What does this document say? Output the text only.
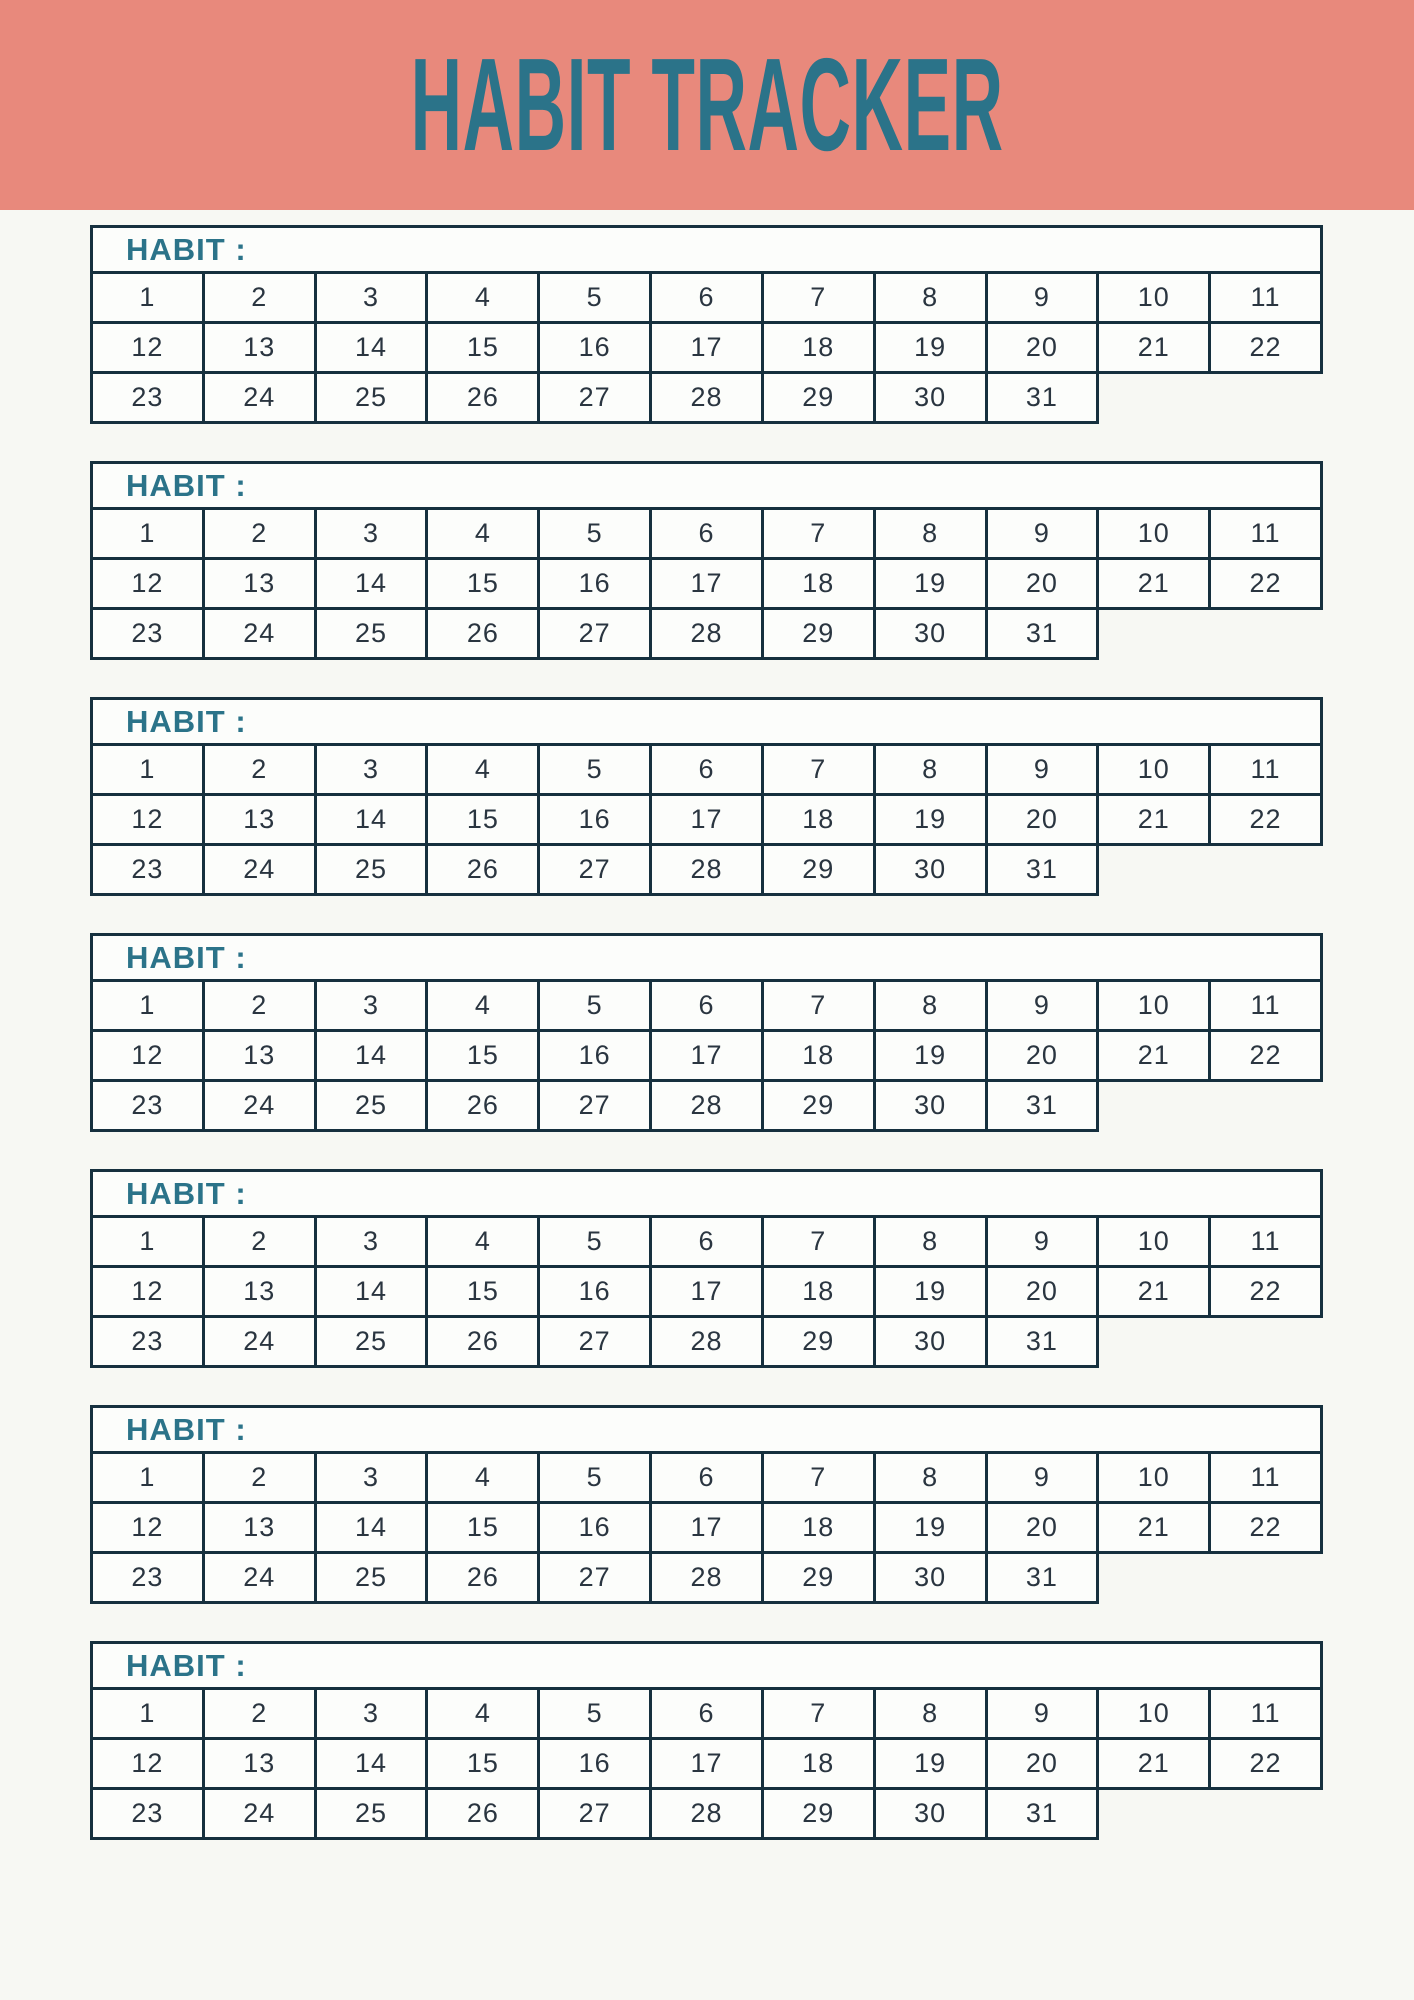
HABIT TRACKER
HABIT :										
1	2	3	4	5	6	7	8	9	10	11
12	13	14	15	16	17	18	19	20	21	22
23	24	25	26	27	28	29	30	31		
HABIT :										
1	2	3	4	5	6	7	8	9	10	11
12	13	14	15	16	17	18	19	20	21	22
23	24	25	26	27	28	29	30	31		
HABIT :										
1	2	3	4	5	6	7	8	9	10	11
12	13	14	15	16	17	18	19	20	21	22
23	24	25	26	27	28	29	30	31		
HABIT :										
1	2	3	4	5	6	7	8	9	10	11
12	13	14	15	16	17	18	19	20	21	22
23	24	25	26	27	28	29	30	31		
HABIT :										
1	2	3	4	5	6	7	8	9	10	11
12	13	14	15	16	17	18	19	20	21	22
23	24	25	26	27	28	29	30	31		
HABIT :										
1	2	3	4	5	6	7	8	9	10	11
12	13	14	15	16	17	18	19	20	21	22
23	24	25	26	27	28	29	30	31		
HABIT :										
1	2	3	4	5	6	7	8	9	10	11
12	13	14	15	16	17	18	19	20	21	22
23	24	25	26	27	28	29	30	31		
